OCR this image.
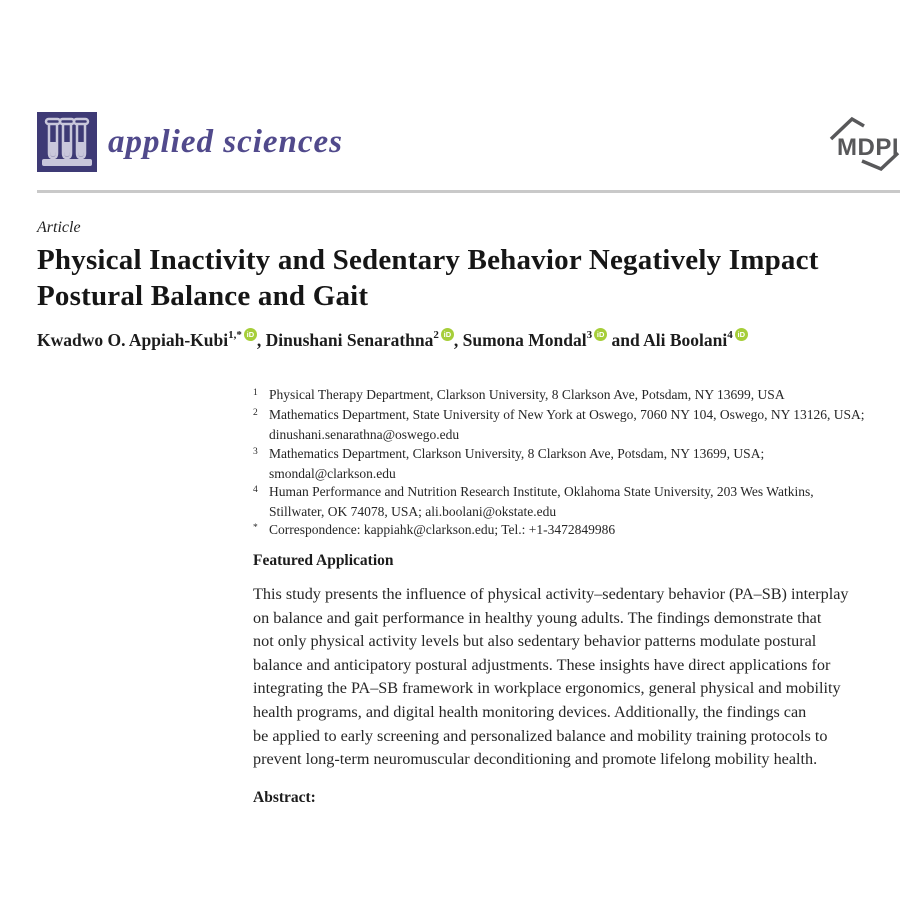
applied sciences	MDPI
Article
Physical Inactivity and Sedentary Behavior Negatively Impact
Postural Balance and Gait
Kwadwo O. Appiah-Kubi$^{1,*}$ iD , Dinushani Senarathna$^2$ iD , Sumona Mondal$^3$ iD and Ali Boolani$^4$ iD
1 Physical Therapy Department, Clarkson University, 8 Clarkson Ave, Potsdam, NY 13699, USA
2 Mathematics Department, State University of New York at Oswego, 7060 NY 104, Oswego, NY 13126, USA;
dinushani.senarathna@oswego.edu
3 Mathematics Department, Clarkson University, 8 Clarkson Ave, Potsdam, NY 13699, USA;
smondal@clarkson.edu
4 Human Performance and Nutrition Research Institute, Oklahoma State University, 203 Wes Watkins,
Stillwater, OK 74078, USA; ali.boolani@okstate.edu
* Correspondence: kappiahk@clarkson.edu; Tel.: +1-3472849986
Featured Application
This study presents the influence of physical activity–sedentary behavior (PA–SB) interplay
on balance and gait performance in healthy young adults. The findings demonstrate that
not only physical activity levels but also sedentary behavior patterns modulate postural
balance and anticipatory postural adjustments. These insights have direct applications for
integrating the PA–SB framework in workplace ergonomics, general physical and mobility
health programs, and digital health monitoring devices. Additionally, the findings can
be applied to early screening and personalized balance and mobility training protocols to
prevent long-term neuromuscular deconditioning and promote lifelong mobility health.
Abstract:
